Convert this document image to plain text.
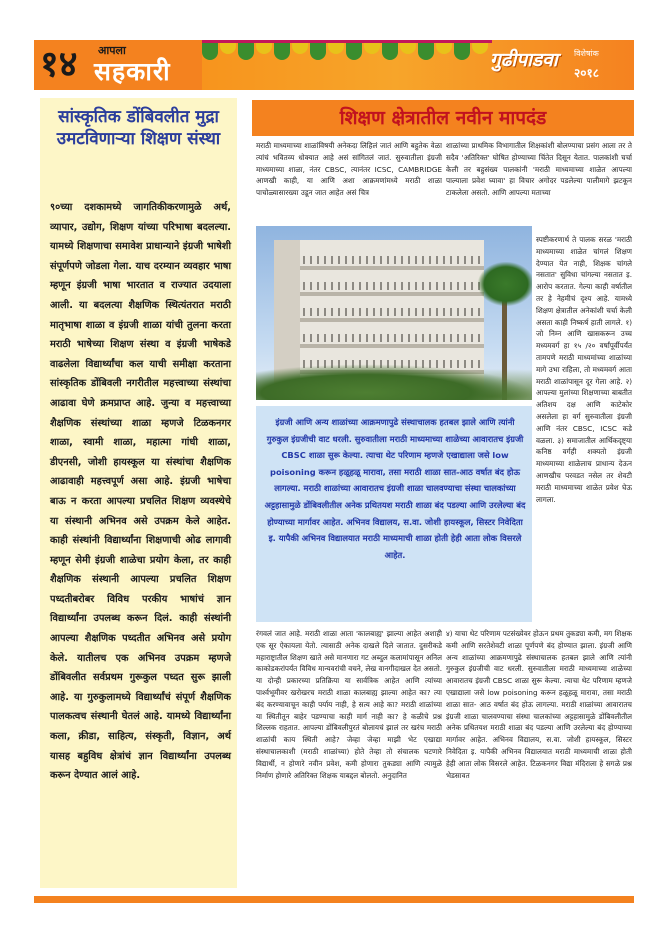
१४ आपला
सहकारी	गुढीपाडवा विशेषांक
२०१८
सांस्कृतिक डोंबिवलीत मुद्रा उमटविणाऱ्या शिक्षण संस्था
९०च्या दशकामध्ये जागतिकीकरणामुळे अर्थ, व्यापार, उद्योग, शिक्षण यांच्या परिभाषा बदलल्या. यामध्ये शिक्षणाचा समावेश प्राधान्याने इंग्रजी भाषेशी संपूर्णपणे जोडला गेला. याच दरम्यान व्यवहार भाषा म्हणून इंग्रजी भाषा भारतात व राज्यात उदयाला आली. या बदलत्या शैक्षणिक स्थित्यंतरात मराठी मातृभाषा शाळा व इंग्रजी शाळा यांची तुलना करता मराठी भाषेच्या शिक्षण संस्था व इंग्रजी भाषेकडे वाढलेला विद्यार्थ्यांचा कल याची समीक्षा करताना सांस्कृतिक डोंबिवली नगरीतील महत्त्वाच्या संस्थांचा आढावा घेणे क्रमप्राप्त आहे. जुन्या व महत्त्वाच्या शैक्षणिक संस्थांच्या शाळा म्हणजे टिळकनगर शाळा, स्वामी शाळा, महात्मा गांधी शाळा, डीएनसी, जोशी हायस्कूल या संस्थांचा शैक्षणिक आढावाही महत्त्वपूर्ण असा आहे. इंग्रजी भाषेचा बाऊ न करता आपल्या प्रचलित शिक्षण व्यवस्थेचे या संस्थानी अभिनव असे उपक्रम केले आहेत. काही संस्थांनी विद्यार्थ्यांना शिक्षणाची ओढ लागावी म्हणून सेमी इंग्रजी शाळेचा प्रयोग केला, तर काही शैक्षणिक संस्थानी आपल्या प्रचलित शिक्षण पध्दतीबरोबर विविध परकीय भाषांचं ज्ञान विद्यार्थ्यांना उपलब्ध करून दिलं. काही संस्थांनी आपल्या शैक्षणिक पध्दतीत अभिनव असे प्रयोग केले. यातीलच एक अभिनव उपक्रम म्हणजे डोंबिवलीत सर्वप्रथम गुरूकुल पध्दत सुरू झाली आहे. या गुरुकुलामध्ये विद्यार्थ्यांचं संपूर्ण शैक्षणिक पालकत्वच संस्थानी घेतलं आहे. यामध्ये विद्यार्थ्यांना कला, क्रीडा, साहित्य, संस्कृती, विज्ञान, अर्थ यासह बहुविध क्षेत्रांचं ज्ञान विद्यार्थ्यांना उपलब्ध करून देण्यात आलं आहे.
शिक्षण क्षेत्रातील नवीन मापदंड
मराठी माध्यमाच्या शाळांविषयी अनेकदा लिहिलं जातं आणि बहुतेक वेळा त्यांचं भवितव्य धोक्यात आहे असं सांगितलं जातं. सुरुवातीला इंग्रजी माध्यमाच्या शाळा, नंतर CBSC, त्यानंतर ICSC, CAMBRIDGE आणखी काही, या आणि अशा आक्रमणांमध्ये मराठी शाळा पाचोळ्यासारख्या उडून जात आहेत असं चित्र
शाळांच्या प्राथमिक विभागातील शिक्षकांशी बोलण्याचा प्रसंग आला तर ते सदैव 'अतिरिक्त' घोषित होण्याच्या चिंतेत दिसून येतात. पालकांशी चर्चा केली तर बहुसंख्य पालकांनी 'मराठी माध्यमाच्या शाळेत आपल्या पाल्याला प्रवेश घ्यावा' हा विचार अगोदर पडलेल्या पालीमागे झटकून टाकलेला असतो. आणि आपल्या मताच्या
स्पष्टीकरणार्थ ते पालक सरळ 'मराठी माध्यमाच्या शाळेत चांगलं शिक्षण देण्यात येत नाही, शिक्षक चांगले नसतात' सुविधा चांगल्या नसतात इ. आरोप करतात. गेल्या काही वर्षातील तर हे नेहमीचं दृश्य आहे. यामध्ये शिक्षण क्षेत्रातील अनेकांशी चर्चा केली असता काही निष्कर्ष हाती लागले. १) जो निम्न आणि खासकरून उच्च मध्यमवर्ग हा १५ /२० वर्षांपूर्वीपर्यंत तामपणे मराठी माध्यमांच्या शाळांच्या मागे उभा राहिला, तो मध्यमवर्ग आता मराठी शाळांपासून दूर गेला आहे. २) आपल्या मुलांच्या शिक्षणाच्या बाबतीत अतिशय दक्ष आणि काटेकोर असलेला हा वर्ग सुरुवातीला इंग्रजी आणि नंतर CBSC, ICSC कडे वळला. ३) समाजातील आर्थिकदृष्ट्या कनिष्ठ वर्गही शक्यतो इंग्रजी माध्यमाच्या शाळेलाच प्राधान्य देऊन आणखीच परवडत नसेल तर शेवटी मराठी माध्यमाच्या शाळेत प्रवेश घेऊ लागला.

इंग्रजी आणि अन्य शाळांच्या आक्रमणापुढे संस्थाचालक हतबल झाले आणि त्यांनी गुरुकुल इंग्रजीची वाट धरली. सुरुवातीला मराठी माध्यमाच्या शाळेच्या आवारातच इंग्रजी CBSC शाळा सुरू केल्या. त्याचा थेट परिणाम म्हणजे एखाद्याला जसे low poisoning करून हळूहळू मारावा, तसा मराठी शाळा सात-आठ वर्षात बंद होऊ लागल्या. मराठी शाळांच्या आवारातच इंग्रजी शाळा चालवण्याचा संस्था चालकांच्या अट्टहासामुळे डोंबिवलीतील अनेक प्रथितयश मराठी शाळा बंद पडल्या आणि उरलेल्या बंद होण्याच्या मार्गावर आहेत. अभिनव विद्यालय, स.वा. जोशी हायस्कूल, सिस्टर निवेदिता इ. यापैकी अभिनव विद्यालयात मराठी माध्यमाची शाळा होती हेही आता लोक विसरले आहेत.

रंगवलं जात आहे. मराठी शाळा आता 'कालबाह्य' झाल्या आहेत अशाही एक सूर ऐकायला येतो. त्यासाठी अनेक दाखले दिले जातात. दुसरीकडे महाराष्ट्रातील शिक्षण खाते असे मानणारा गट अब्दुल कलामांपासून अनिल काकोडकरांपर्यंत विविध मान्यवरांची वचने, लेख वानगीदाखल देत असतो. या दोन्ही प्रकारच्या प्रतिक्रिया या सार्वत्रिक आहेत आणि त्यांच्या पार्श्वभूमीवर खरोखरच मराठी शाळा कालबाह्य झाल्या आहेत का? त्या बंद करण्यावाचून काही पर्याय नाही, हे सत्य आहे का? मराठी शाळांच्या या स्थितीतून बाहेर पडण्याचा काही मार्ग नाही का? हे कळीचे प्रश्न शिल्लक राहतात. आपल्या डोंबिवलीपुरतं बोलायचं झालं तर खरंच मराठी शाळांची काय स्थिती आहे? जेव्हा जेव्हा माझी भेट एखाद्या संस्थाचालकाशी (मराठी शाळांच्या) होते तेव्हा तो संचालक घटणारे विद्यार्थी, न होणारे नवीन प्रवेश, कमी होणारा तुकड्या आणि त्यामुळे निर्माण होणारे अतिरिक्त शिक्षक याबद्दल बोलतो. अनुदानित
४) याचा थेट परिणाम पटसंख्येवर होऊन प्रथम तुकड्या कमी, मग शिक्षक कमी आणि सरतेशेवटी शाळा पूर्णपणे बंद होण्यात झाला. इंग्रजी आणि अन्य शाळांच्या आक्रमणापुढे संस्थाचालक हतबल झाले आणि त्यांनी गुरुकुल इंग्रजीची वाट धरली. सुरुवातीला मराठी माध्यमाच्या शाळेच्या आवारातच इंग्रजी CBSC शाळा सुरू केल्या. त्याचा थेट परिणाम म्हणजे एखाद्याला जसे low poisoning करून हळूहळू मारावा, तसा मराठी शाळा सात- आठ वर्षात बंद होऊ लागल्या. मराठी शाळांच्या आवारातच इंग्रजी शाळा चालवण्याचा संस्था चालकांच्या अट्टहासामुळे डोंबिवलीतील अनेक प्रथितयश मराठी शाळा बंद पडल्या आणि उरलेल्या बंद होण्याच्या मार्गावर आहेत. अभिनव विद्यालय, स.वा. जोशी हायस्कूल, सिस्टर निवेदिता इ. यापैकी अभिनव विद्यालयात मराठी माध्यमाची शाळा होती हेही आता लोक विसरले आहेत. टिळकनगर विद्या मंदिराला हे सगळे प्रश्न भेडसावत
